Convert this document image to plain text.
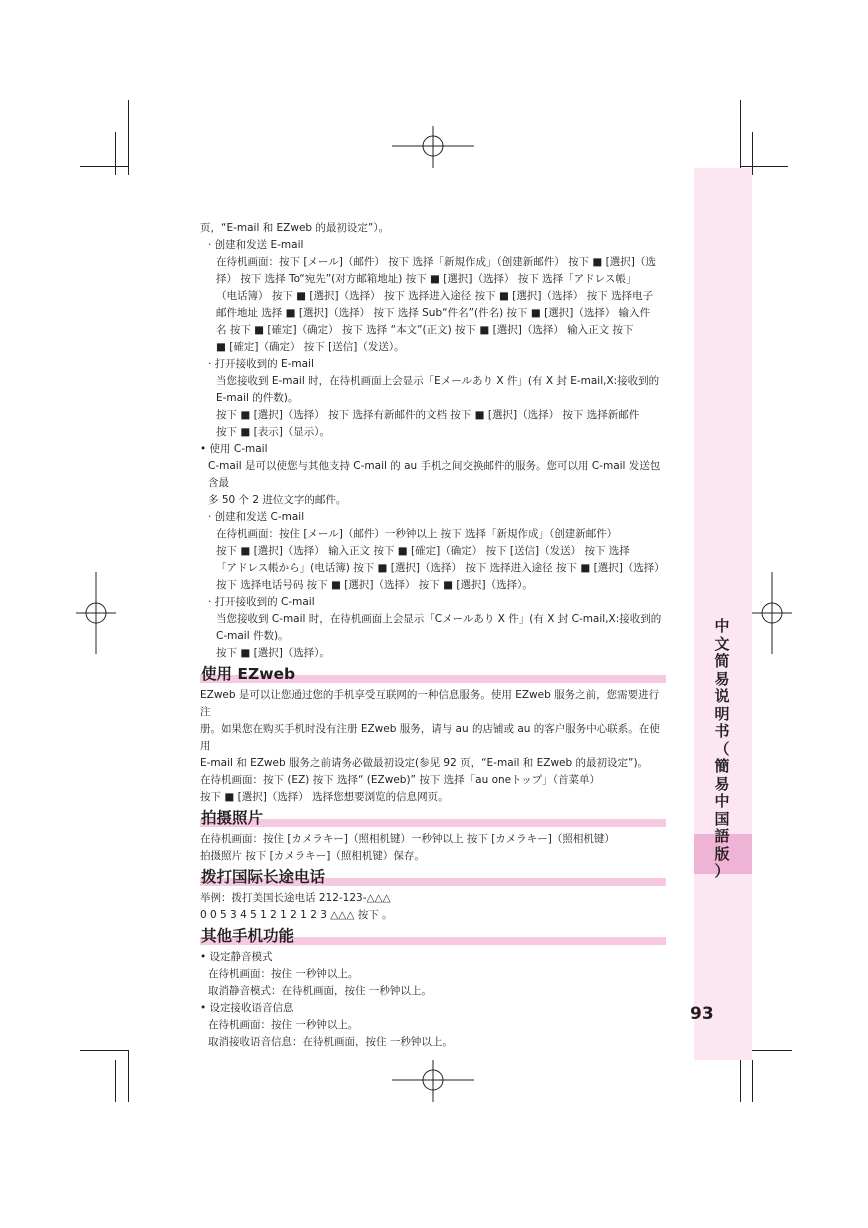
中
文
简
易
说
明
书
（
簡
易
中
国
語
版
）
93

页，“E-mail 和 EZweb 的最初设定”）。

· 创建和发送 E-mail

在待机画面：按下 [メール]（邮件） 按下 选择「新規作成」（创建新邮件） 按下 ■ [選択]（选

择） 按下 选择 To“宛先”(对方邮箱地址) 按下 ■ [選択]（选择） 按下 选择「アドレス帳」

（电话簿） 按下 ■ [選択]（选择） 按下 选择进入途径 按下 ■ [選択]（选择） 按下 选择电子

邮件地址 选择 ■ [選択]（选择） 按下 选择 Sub“件名”(件名) 按下 ■ [選択]（选择） 输入件

名 按下 ■ [確定]（确定） 按下 选择 “本文”(正文) 按下 ■ [選択]（选择） 输入正文 按下

■ [確定]（确定） 按下 [送信]（发送）。

· 打开接收到的 E-mail

当您接收到 E-mail 时，在待机画面上会显示「Eメールあり X 件」(有 X 封 E-mail,X:接收到的

E-mail 的件数)。

按下 ■ [選択]（选择） 按下 选择有新邮件的文档 按下 ■ [選択]（选择） 按下 选择新邮件

按下 ■ [表示]（显示）。

• 使用 C-mail

C-mail 是可以使您与其他支持 C-mail 的 au 手机之间交换邮件的服务。您可以用 C-mail 发送包含最

多 50 个 2 进位文字的邮件。

· 创建和发送 C-mail

在待机画面：按住 [メール]（邮件）一秒钟以上 按下 选择「新規作成」（创建新邮件）

按下 ■ [選択]（选择） 输入正文 按下 ■ [確定]（确定） 按下 [送信]（发送） 按下 选择

「アドレス帳から」(电话簿) 按下 ■ [選択]（选择） 按下 选择进入途径 按下 ■ [選択]（选择）

按下 选择电话号码 按下 ■ [選択]（选择） 按下 ■ [選択]（选择）。

· 打开接收到的 C-mail

当您接收到 C-mail 时，在待机画面上会显示「Cメールあり X 件」(有 X 封 C-mail,X:接收到的

C-mail 件数)。

按下 ■ [選択]（选择）。

使用 EZweb

EZweb 是可以让您通过您的手机享受互联网的一种信息服务。使用 EZweb 服务之前，您需要进行注

册。如果您在购买手机时没有注册 EZweb 服务，请与 au 的店铺或 au 的客户服务中心联系。在使用

E-mail 和 EZweb 服务之前请务必做最初设定(参见 92 页，“E-mail 和 EZweb 的最初设定”)。

在待机画面：按下 (EZ) 按下 选择“ (EZweb)” 按下 选择「au oneトップ」（首菜单）

按下 ■ [選択]（选择） 选择您想要浏览的信息网页。

拍摄照片

在待机画面：按住 [カメラキー]（照相机键）一秒钟以上 按下 [カメラキー]（照相机键）

拍摄照片 按下 [カメラキー]（照相机键）保存。

拨打国际长途电话

举例：拨打美国长途电话 212-123-△△△

0 0 5 3 4 5 1 2 1 2 1 2 3 △△△ 按下 。

其他手机功能

• 设定静音模式

在待机画面：按住 一秒钟以上。

取消静音模式：在待机画面，按住 一秒钟以上。

• 设定接收语音信息

在待机画面：按住 一秒钟以上。

取消接收语音信息：在待机画面，按住 一秒钟以上。
